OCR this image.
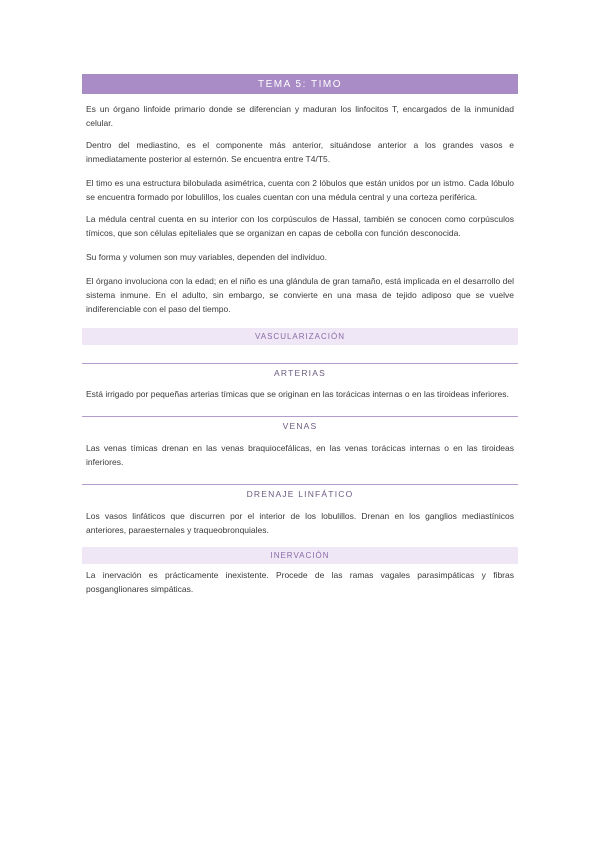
TEMA 5: TIMO

Es un órgano linfoide primario donde se diferencian y maduran los linfocitos T, encargados de la inmunidad celular.

Dentro del mediastino, es el componente más anterior, situándose anterior a los grandes vasos e inmediatamente posterior al esternón. Se encuentra entre T4/T5.

El timo es una estructura bilobulada asimétrica, cuenta con 2 lóbulos que están unidos por un istmo. Cada lóbulo se encuentra formado por lobulillos, los cuales cuentan con una médula central y una corteza periférica.

La médula central cuenta en su interior con los corpúsculos de Hassal, también se conocen como corpúsculos tímicos, que son células epiteliales que se organizan en capas de cebolla con función desconocida.

Su forma y volumen son muy variables, dependen del individuo.

El órgano involuciona con la edad; en el niño es una glándula de gran tamaño, está implicada en el desarrollo del sistema inmune. En el adulto, sin embargo, se convierte en una masa de tejido adiposo que se vuelve indiferenciable con el paso del tiempo.

VASCULARIZACIÓN
ARTERIAS

Está irrigado por pequeñas arterias tímicas que se originan en las torácicas internas o en las tiroideas inferiores.

VENAS

Las venas tímicas drenan en las venas braquiocefálicas, en las venas torácicas internas o en las tiroideas inferiores.

DRENAJE LINFÁTICO

Los vasos linfáticos que discurren por el interior de los lobulillos. Drenan en los ganglios mediastínicos anteriores, paraesternales y traqueobronquiales.

INERVACIÓN

La inervación es prácticamente inexistente. Procede de las ramas vagales parasimpáticas y fibras posganglionares simpáticas.
